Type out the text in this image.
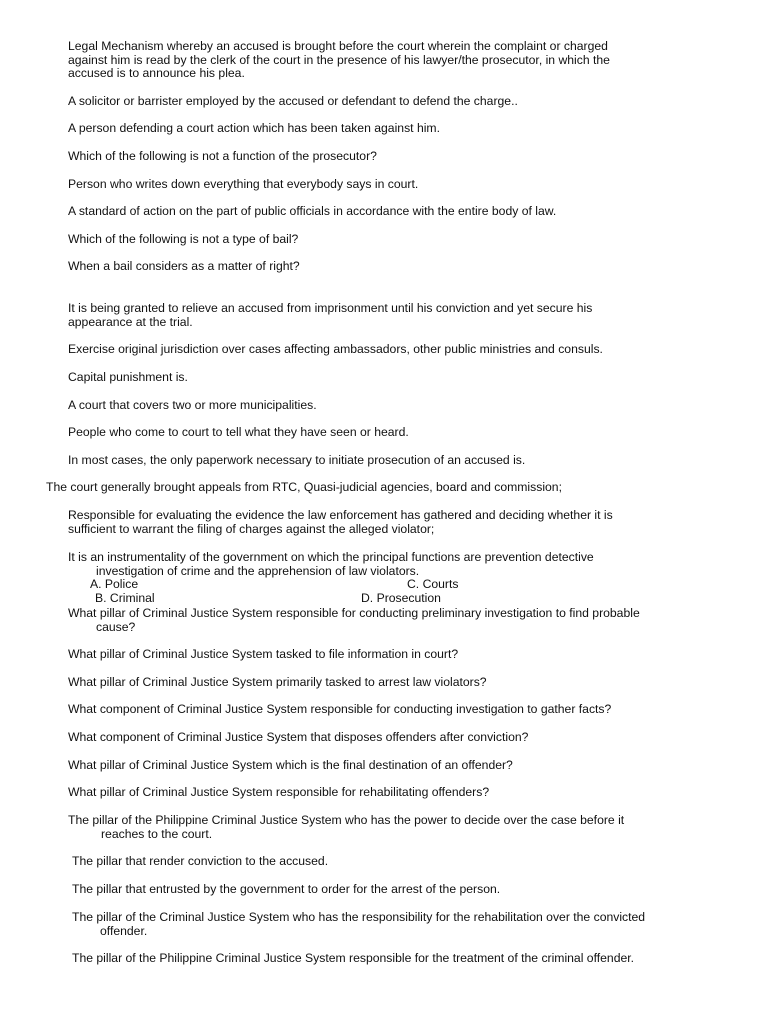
Legal Mechanism whereby an accused is brought before the court wherein the complaint or charged
against him is read by the clerk of the court in the presence of his lawyer/the prosecutor, in which the
accused is to announce his plea.

A solicitor or barrister employed by the accused or defendant to defend the charge..

A person defending a court action which has been taken against him.

Which of the following is not a function of the prosecutor?

Person who writes down everything that everybody says in court.

A standard of action on the part of public officials in accordance with the entire body of law.

Which of the following is not a type of bail?

When a bail considers as a matter of right?

It is being granted to relieve an accused from imprisonment until his conviction and yet secure his
appearance at the trial.

Exercise original jurisdiction over cases affecting ambassadors, other public ministries and consuls.

Capital punishment is.

A court that covers two or more municipalities.

People who come to court to tell what they have seen or heard.

In most cases, the only paperwork necessary to initiate prosecution of an accused is.

The court generally brought appeals from RTC, Quasi-judicial agencies, board and commission;

Responsible for evaluating the evidence the law enforcement has gathered and deciding whether it is
sufficient to warrant the filing of charges against the alleged violator;

It is an instrumentality of the government on which the principal functions are prevention detective
investigation of crime and the apprehension of law violators.

A. Police	C. Courts
B. Criminal	D. Prosecution

What pillar of Criminal Justice System responsible for conducting preliminary investigation to find probable
cause?

What pillar of Criminal Justice System tasked to file information in court?

What pillar of Criminal Justice System primarily tasked to arrest law violators?

What component of Criminal Justice System responsible for conducting investigation to gather facts?

What component of Criminal Justice System that disposes offenders after conviction?

What pillar of Criminal Justice System which is the final destination of an offender?

What pillar of Criminal Justice System responsible for rehabilitating offenders?

The pillar of the Philippine Criminal Justice System who has the power to decide over the case before it
reaches to the court.

The pillar that render conviction to the accused.

The pillar that entrusted by the government to order for the arrest of the person.

The pillar of the Criminal Justice System who has the responsibility for the rehabilitation over the convicted
offender.

The pillar of the Philippine Criminal Justice System responsible for the treatment of the criminal offender.
